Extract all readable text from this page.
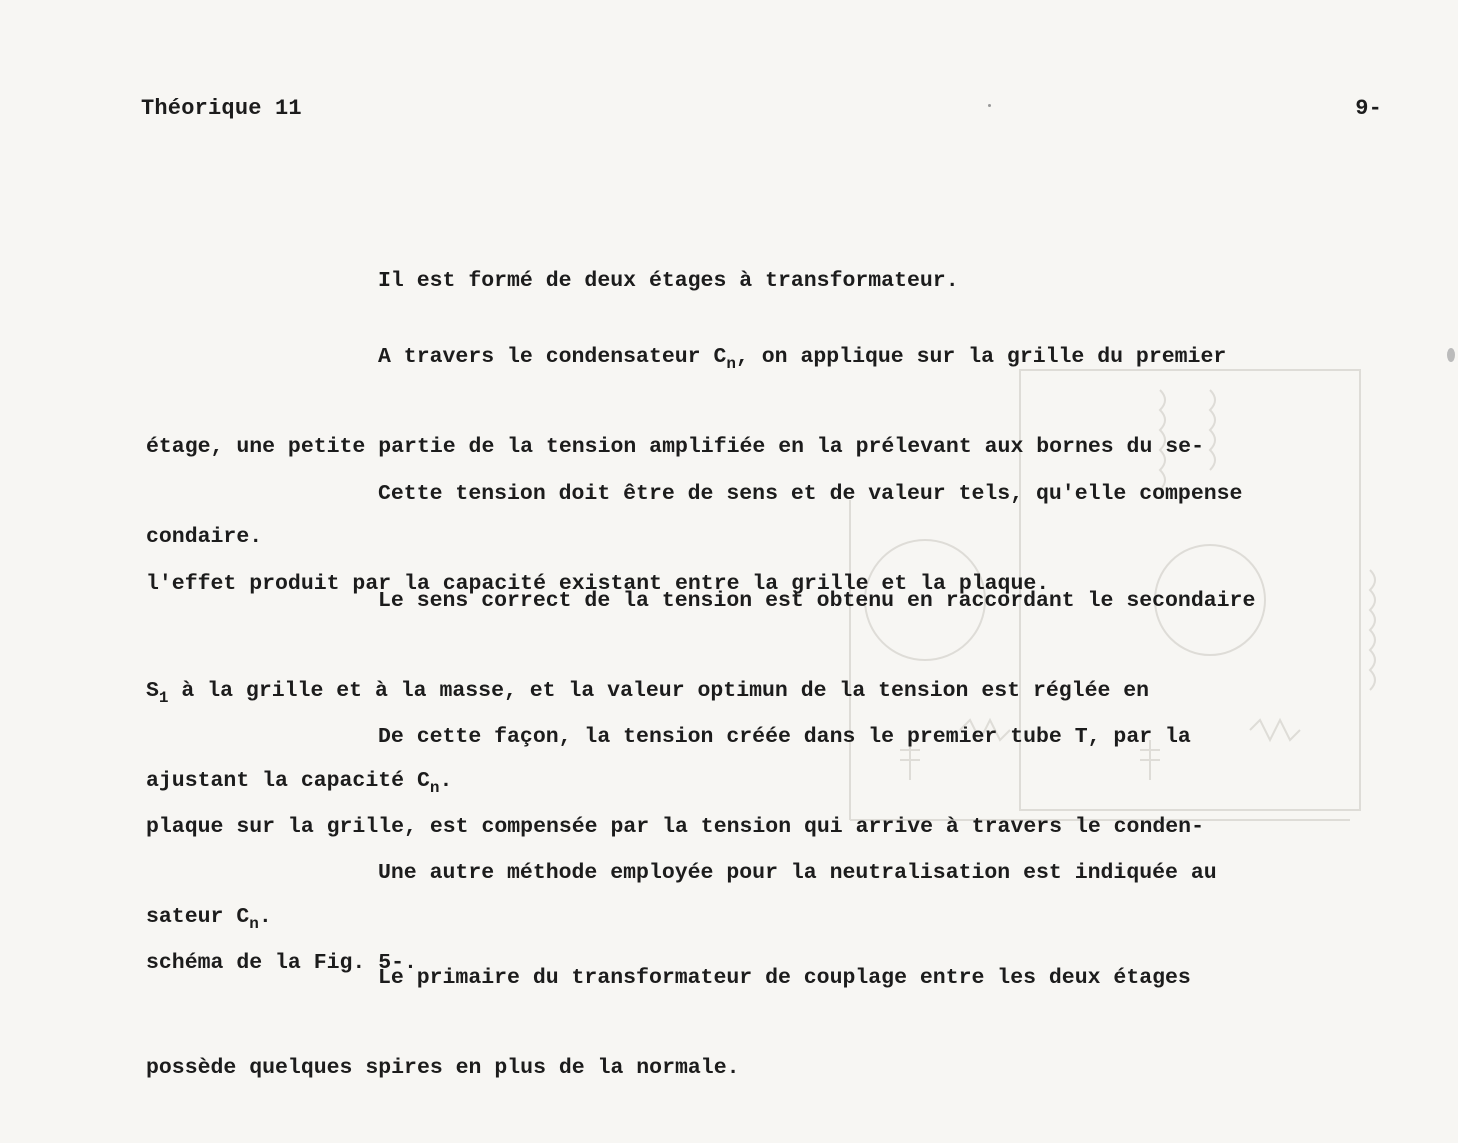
Théorique 11	9-

Il est formé de deux étages à transformateur.

A travers le condensateur $C_n$, on applique sur la grille du premier

étage, une petite partie de la tension amplifiée en la prélevant aux bornes du se-

condaire.

Cette tension doit être de sens et de valeur tels, qu'elle compense

l'effet produit par la capacité existant entre la grille et la plaque.

Le sens correct de la tension est obtenu en raccordant le secondaire

$S_1$ à la grille et à la masse, et la valeur optimun de la tension est réglée en

ajustant la capacité $C_n$.

De cette façon, la tension créée dans le premier tube T, par la

plaque sur la grille, est compensée par la tension qui arrive à travers le conden-

sateur $C_n$.

Une autre méthode employée pour la neutralisation est indiquée au

schéma de la Fig. 5-.

Le primaire du transformateur de couplage entre les deux étages

possède quelques spires en plus de la normale.
